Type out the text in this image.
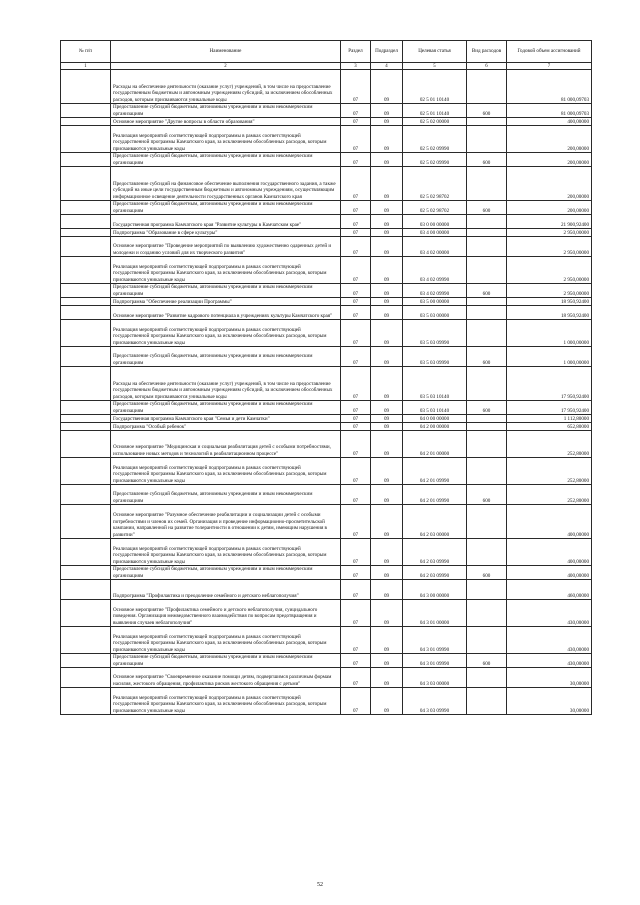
№ п/п	Наименование	Раздел	Подраздел	Целевая статья	Вид расходов	Годовой объем ассигнований
1	2	3	4	5	6	7
	Расходы на обеспечение деятельности (оказание услуг) учреждений, в том числе на предоставление государственным бюджетным и автономным учреждениям субсидий, за исключением обособленных расходов, которым присваиваются уникальные коды	07	09	02 5 01 10140		81 000,09703
	Предоставление субсидий бюджетным, автономным учреждениям и иным некоммерческим организациям	07	09	02 5 01 10140	600	81 000,09703
	Основное мероприятие "Другие вопросы в области образования"	07	09	02 5 02 00000		400,00000
	Реализация мероприятий соответствующей подпрограммы в рамках соответствующей государственной программы Камчатского края, за исключением обособленных расходов, которым присваиваются уникальные коды	07	09	02 5 02 09990		200,00000
	Предоставление субсидий бюджетным, автономным учреждениям и иным некоммерческим организациям	07	09	02 5 02 09990	600	200,00000
	Предоставление субсидий на финансовое обеспечение выполнения государственного задания, а также субсидий на иные цели государственным бюджетным и автономным учреждениям, осуществляющим информационное освещение деятельности государственных органов Камчатского края	07	09	02 5 02 98702		200,00000
	Предоставление субсидий бюджетным, автономным учреждениям и иным некоммерческим организациям	07	09	02 5 02 98702	600	200,00000
	Государственная программа Камчатского края "Развитие культуры в Камчатском крае"	07	09	03 0 00 00000		21 900,92400
	Подпрограмма "Образование в сфере культуры"	07	09	03 4 00 00000		2 950,00000
	Основное мероприятие "Проведение мероприятий по выявлению художественно одаренных детей и молодежи и созданию условий для их творческого развития"	07	09	03 4 02 00000		2 950,00000
	Реализация мероприятий соответствующей подпрограммы в рамках соответствующей государственной программы Камчатского края, за исключением обособленных расходов, которым присваиваются уникальные коды	07	09	03 4 02 09990		2 950,00000
	Предоставление субсидий бюджетным, автономным учреждениям и иным некоммерческим организациям	07	09	03 4 02 09990	600	2 950,00000
	Подпрограмма "Обеспечение реализации Программы"	07	09	03 5 00 00000		18 950,92400
	Основное мероприятие "Развитие кадрового потенциала в учреждениях культуры Камчатского края"	07	09	03 5 03 00000		18 950,92400
	Реализация мероприятий соответствующей подпрограммы в рамках соответствующей государственной программы Камчатского края, за исключением обособленных расходов, которым присваиваются уникальные коды	07	09	03 5 03 09990		1 000,00000
	Предоставление субсидий бюджетным, автономным учреждениям и иным некоммерческим организациям	07	09	03 5 03 09990	600	1 000,00000
	Расходы на обеспечение деятельности (оказание услуг) учреждений, в том числе на предоставление государственным бюджетным и автономным учреждениям субсидий, за исключением обособленных расходов, которым присваиваются уникальные коды	07	09	03 5 03 10140		17 950,92400
	Предоставление субсидий бюджетным, автономным учреждениям и иным некоммерческим организациям	07	09	03 5 03 10140	600	17 950,92400
	Государственная программа Камчатского края "Семья и дети Камчатки"	07	09	04 0 00 00000		1 112,80000
	Подпрограмма "Особый ребенок"	07	09	04 2 00 00000		652,80000
	Основное мероприятие "Медицинская и социальная реабилитация детей с особыми потребностями, использование новых методов и технологий в реабилитационном процессе"	07	09	04 2 01 00000		252,80000
	Реализация мероприятий соответствующей подпрограммы в рамках соответствующей государственной программы Камчатского края, за исключением обособленных расходов, которым присваиваются уникальные коды	07	09	04 2 01 09990		252,80000
	Предоставление субсидий бюджетным, автономным учреждениям и иным некоммерческим организациям	07	09	04 2 01 09990	600	252,80000
	Основное мероприятие "Разумное обеспечение реабилитации и социализации детей с особыми потребностями и членов их семей. Организация и проведение информационно-просветительской кампании, направленной на развитие толерантности в отношении к детям, имеющим нарушения в развитии"	07	09	04 2 03 00000		400,00000
	Реализация мероприятий соответствующей подпрограммы в рамках соответствующей государственной программы Камчатского края, за исключением обособленных расходов, которым присваиваются уникальные коды	07	09	04 2 03 09990		400,00000
	Предоставление субсидий бюджетным, автономным учреждениям и иным некоммерческим организациям	07	09	04 2 03 09990	600	400,00000
	Подпрограмма "Профилактика и преодоление семейного и детского неблагополучия"	07	09	04 3 00 00000		460,00000
	Основное мероприятие "Профилактика семейного и детского неблагополучия, суицидального поведения. Организация межведомственного взаимодействия по вопросам предотвращения и выявления случаев неблагополучия"	07	09	04 3 01 00000		430,00000
	Реализация мероприятий соответствующей подпрограммы в рамках соответствующей государственной программы Камчатского края, за исключением обособленных расходов, которым присваиваются уникальные коды	07	09	04 3 01 09990		430,00000
	Предоставление субсидий бюджетным, автономным учреждениям и иным некоммерческим организациям	07	09	04 3 01 09990	600	430,00000
	Основное мероприятие "Своевременное оказание помощи детям, подвергшимся различным формам насилия, жестокого обращения, профилактика рисков жестокого обращения с детьми"	07	09	04 3 03 00000		30,00000
	Реализация мероприятий соответствующей подпрограммы в рамках соответствующей государственной программы Камчатского края, за исключением обособленных расходов, которым присваиваются уникальные коды	07	09	04 3 03 09990		30,00000
52
